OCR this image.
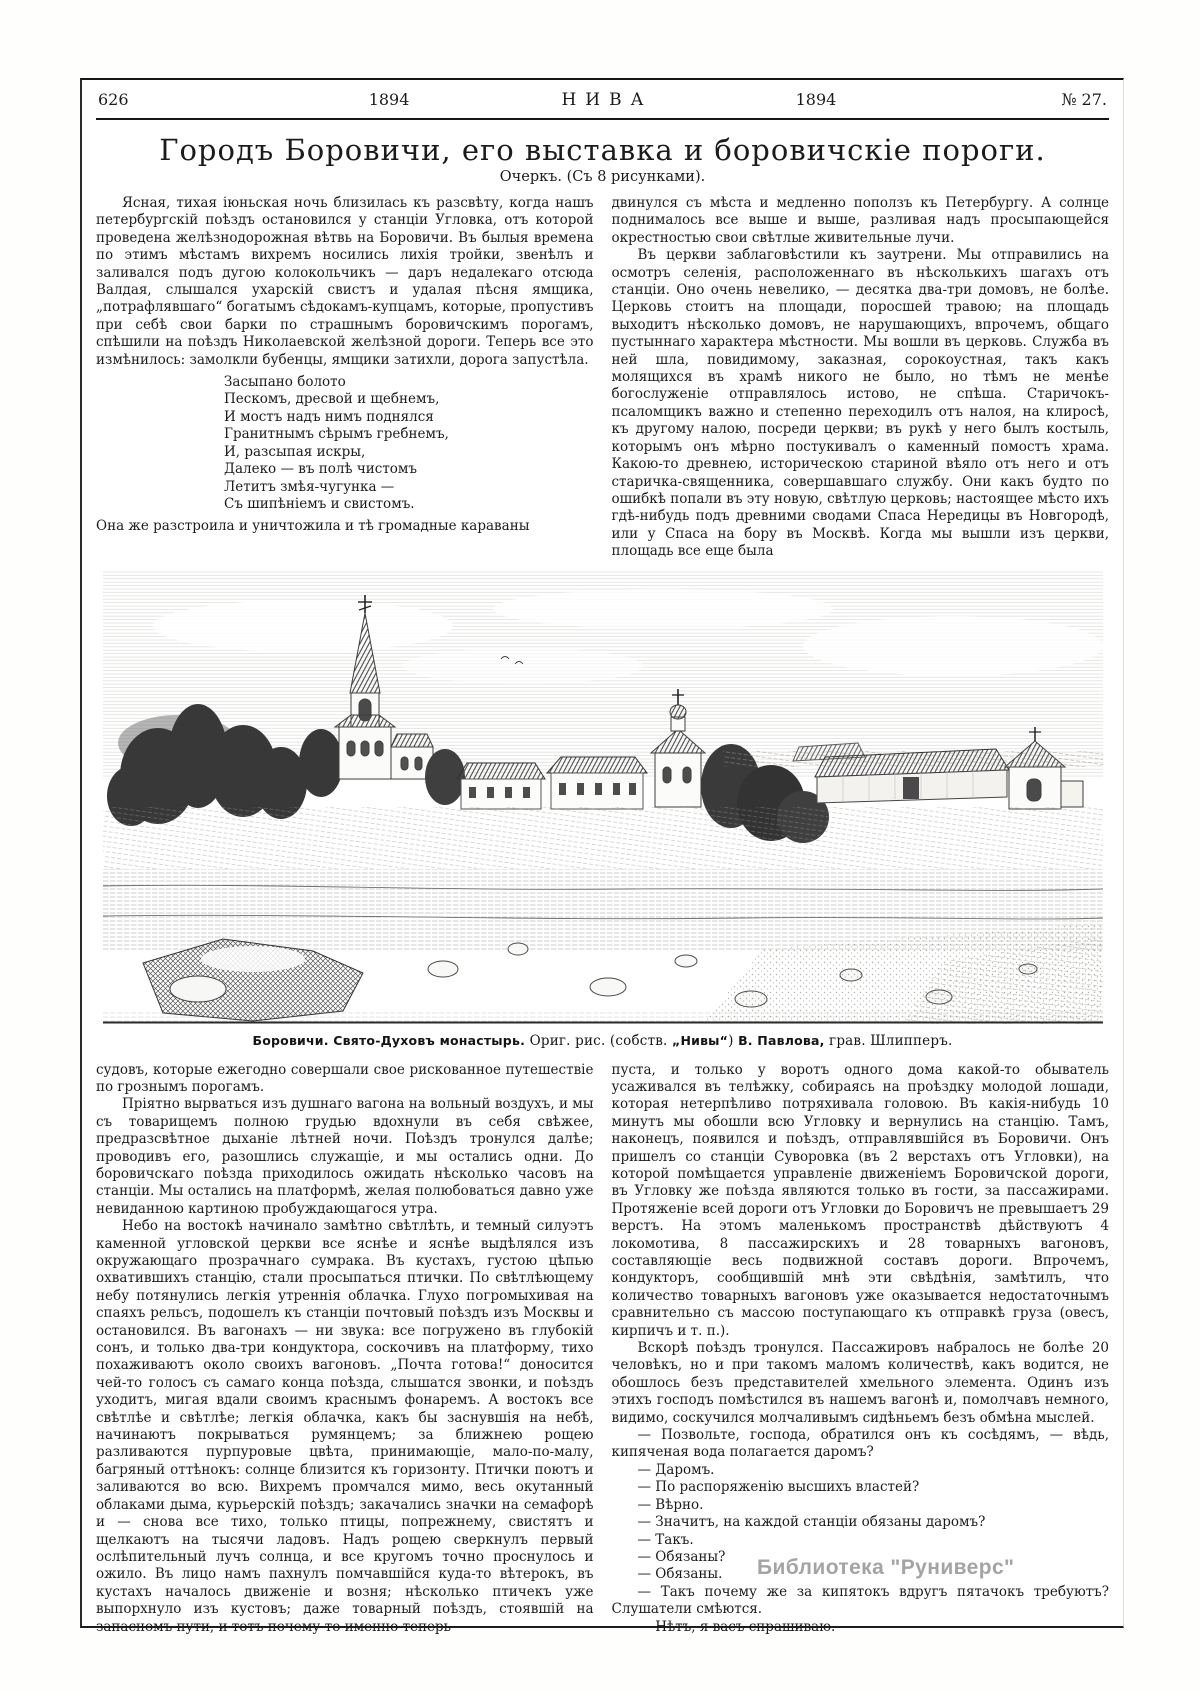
626	1894	НИВА	1894	№ 27.
Городъ Боровичи, его выставка и боровичскіе пороги.
Очеркъ. (Съ 8 рисунками).

Ясная, тихая іюньская ночь близилась къ разсвѣту, когда нашъ петербургскій поѣздъ остановился у станціи Угловка, отъ которой проведена желѣзнодорожная вѣтвь на Боровичи. Въ былыя времена по этимъ мѣстамъ вихремъ носились лихія тройки, звенѣлъ и заливался подъ дугою колокольчикъ — даръ недалекаго отсюда Валдая, слышался ухарскій свистъ и удалая пѣсня ямщика, „потрафлявшаго“ богатымъ сѣдокамъ-купцамъ, которые, пропустивъ при себѣ свои барки по страшнымъ боровичскимъ порогамъ, спѣшили на поѣздъ Николаевской желѣзной дороги. Теперь все это измѣнилось: замолкли бубенцы, ямщики затихли, дорога запустѣла.

Засыпано болото
Пескомъ, дресвой и щебнемъ,
И мостъ надъ нимъ поднялся
Гранитнымъ сѣрымъ гребнемъ,
И, разсыпая искры,
Далеко — въ полѣ чистомъ
Летитъ змѣя-чугунка —
Съ шипѣніемъ и свистомъ.

Она же разстроила и уничтожила и тѣ громадные караваны

двинулся съ мѣста и медленно поползъ къ Петербургу. А солнце поднималось все выше и выше, разливая надъ просыпающейся окрестностью свои свѣтлые живительные лучи.

Въ церкви заблаговѣстили къ заутрени. Мы отправились на осмотръ селенія, расположеннаго въ нѣсколькихъ шагахъ отъ станціи. Оно очень невелико, — десятка два-три домовъ, не болѣе. Церковь стоитъ на площади, поросшей травою; на площадь выходитъ нѣсколько домовъ, не нарушающихъ, впрочемъ, общаго пустыннаго характера мѣстности. Мы вошли въ церковь. Служба въ ней шла, повидимому, заказная, сорокоустная, такъ какъ молящихся въ храмѣ никого не было, но тѣмъ не менѣе богослуженіе отправлялось истово, не спѣша. Старичокъ-псаломщикъ важно и степенно переходилъ отъ налоя, на клиросѣ, къ другому налою, посреди церкви; въ рукѣ у него былъ костыль, которымъ онъ мѣрно постукивалъ о каменный помостъ храма. Какою-то древнею, историческою стариной вѣяло отъ него и отъ старичка-священника, совершавшаго службу. Они какъ будто по ошибкѣ попали въ эту новую, свѣтлую церковь; настоящее мѣсто ихъ гдѣ-нибудь подъ древними сводами Спаса Нередицы въ Новгородѣ, или у Спаса на бору въ Москвѣ. Когда мы вышли изъ церкви, площадь все еще была

Боровичи. Свято-Духовъ монастырь. Ориг. рис. (собств. „Нивы“) В. Павлова, грав. Шлипперъ.

судовъ, которые ежегодно совершали свое рискованное путешествіе по грознымъ порогамъ.

Пріятно вырваться изъ душнаго вагона на вольный воздухъ, и мы съ товарищемъ полною грудью вдохнули въ себя свѣжее, предразсвѣтное дыханіе лѣтней ночи. Поѣздъ тронулся далѣе; проводивъ его, разошлись служащіе, и мы остались одни. До боровичскаго поѣзда приходилось ожидать нѣсколько часовъ на станціи. Мы остались на платформѣ, желая полюбоваться давно уже невиданною картиною пробуждающагося утра.

Небо на востокѣ начинало замѣтно свѣтлѣть, и темный силуэтъ каменной угловской церкви все яснѣе и яснѣе выдѣлялся изъ окружающаго прозрачнаго сумрака. Въ кустахъ, густою цѣпью охватившихъ станцію, стали просыпаться птички. По свѣтлѣющему небу потянулись легкія утреннія облачка. Глухо погромыхивая на спаяхъ рельсъ, подошелъ къ станціи почтовый поѣздъ изъ Москвы и остановился. Въ вагонахъ — ни звука: все погружено въ глубокій сонъ, и только два-три кондуктора, соскочивъ на платформу, тихо похаживаютъ около своихъ вагоновъ. „Почта готова!“ доносится чей-то голосъ съ самаго конца поѣзда, слышатся звонки, и поѣздъ уходитъ, мигая вдали своимъ краснымъ фонаремъ. А востокъ все свѣтлѣе и свѣтлѣе; легкія облачка, какъ бы заснувшія на небѣ, начинаютъ покрываться румянцемъ; за ближнею рощею разливаются пурпуровые цвѣта, принимающіе, мало-по-малу, багряный оттѣнокъ: солнце близится къ горизонту. Птички поютъ и заливаются во всю. Вихремъ промчался мимо, весь окутанный облаками дыма, курьерскій поѣздъ; закачались значки на семафорѣ и — снова все тихо, только птицы, попрежнему, свистятъ и щелкаютъ на тысячи ладовъ. Надъ рощею сверкнулъ первый ослѣпительный лучъ солнца, и все кругомъ точно проснулось и ожило. Въ лицо намъ пахнулъ помчавшійся куда-то вѣтерокъ, въ кустахъ началось движеніе и возня; нѣсколько птичекъ уже выпорхнуло изъ кустовъ; даже товарный поѣздъ, стоявшій на запасномъ пути, и тотъ почему-то именно теперь

пуста, и только у воротъ одного дома какой-то обыватель усаживался въ телѣжку, собираясь на проѣздку молодой лошади, которая нетерпѣливо потряхивала головою. Въ какія-нибудь 10 минутъ мы обошли всю Угловку и вернулись на станцію. Тамъ, наконецъ, появился и поѣздъ, отправлявшійся въ Боровичи. Онъ пришелъ со станціи Суворовка (въ 2 верстахъ отъ Угловки), на которой помѣщается управленіе движеніемъ Боровичской дороги, въ Угловку же поѣзда являются только въ гости, за пассажирами. Протяженіе всей дороги отъ Угловки до Боровичъ не превышаетъ 29 верстъ. На этомъ маленькомъ пространствѣ дѣйствуютъ 4 локомотива, 8 пассажирскихъ и 28 товарныхъ вагоновъ, составляющіе весь подвижной составъ дороги. Впрочемъ, кондукторъ, сообщившій мнѣ эти свѣдѣнія, замѣтилъ, что количество товарныхъ вагоновъ уже оказывается недостаточнымъ сравнительно съ массою поступающаго къ отправкѣ груза (овесъ, кирпичъ и т. п.).

Вскорѣ поѣздъ тронулся. Пассажировъ набралось не болѣе 20 человѣкъ, но и при такомъ маломъ количествѣ, какъ водится, не обошлось безъ представителей хмельного элемента. Одинъ изъ этихъ господъ помѣстился въ нашемъ вагонѣ и, помолчавъ немного, видимо, соскучился молчаливымъ сидѣньемъ безъ обмѣна мыслей.

— Позвольте, господа, обратился онъ къ сосѣдямъ, — вѣдь, кипяченая вода полагается даромъ?

— Даромъ.

— По распоряженію высшихъ властей?

— Вѣрно.

— Значитъ, на каждой станціи обязаны даромъ?

— Такъ.

— Обязаны?

— Обязаны.

— Такъ почему же за кипятокъ вдругъ пятачокъ требуютъ? Слушатели смѣются.

— Нѣтъ, я васъ спрашиваю.

Библиотека "Руниверс"
